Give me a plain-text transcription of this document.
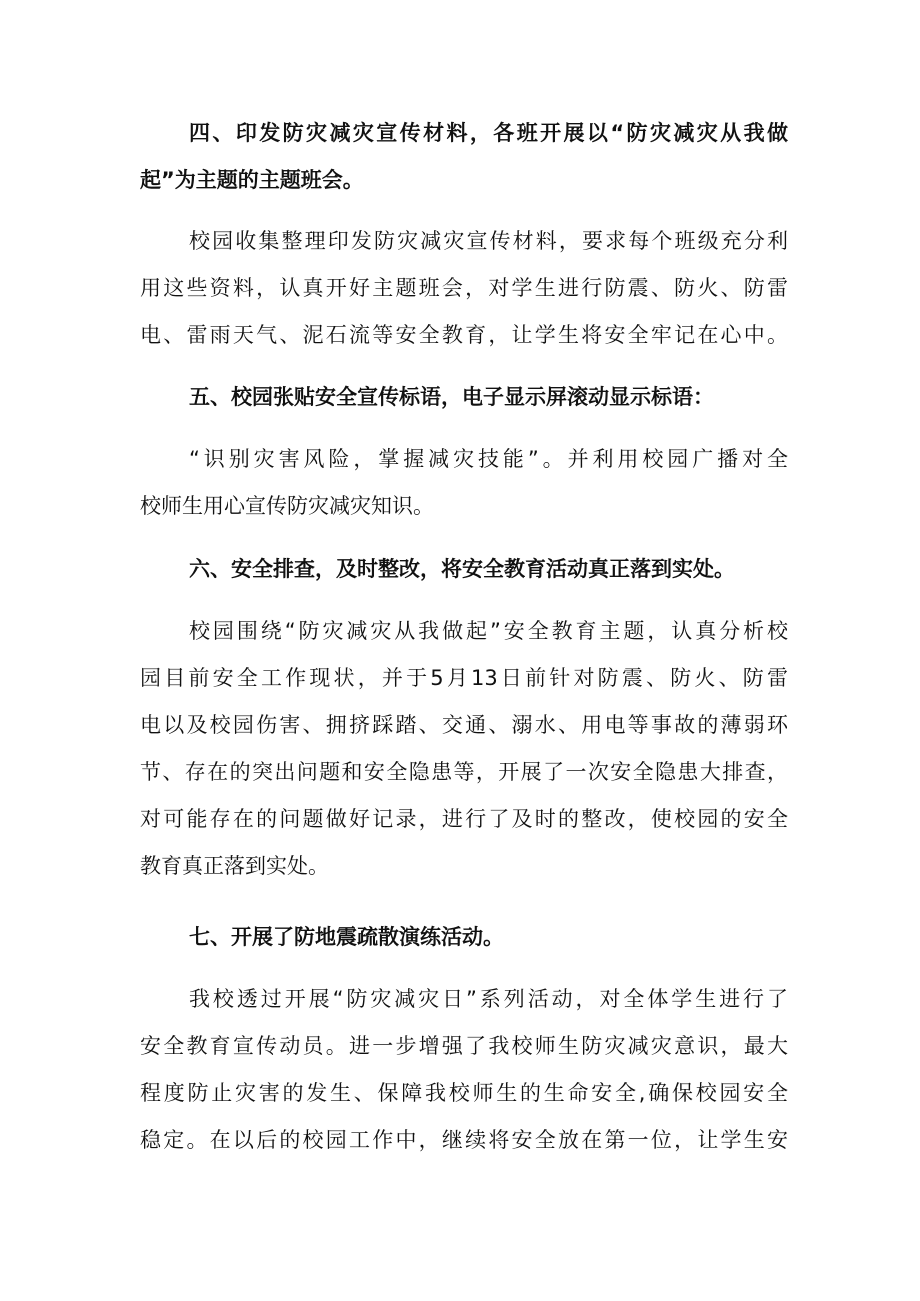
四、印发防灾减灾宣传材料，各班开展以“防灾减灾从我做
起”为主题的主题班会。
校园收集整理印发防灾减灾宣传材料，要求每个班级充分利
用这些资料，认真开好主题班会，对学生进行防震、防火、防雷
电、雷雨天气、泥石流等安全教育，让学生将安全牢记在心中。
五、校园张贴安全宣传标语，电子显示屏滚动显示标语：
“识别灾害风险，掌握减灾技能”。并利用校园广播对全
校师生用心宣传防灾减灾知识。
六、安全排查，及时整改，将安全教育活动真正落到实处。
校园围绕“防灾减灾从我做起”安全教育主题，认真分析校
园目前安全工作现状，并于5月13日前针对防震、防火、防雷
电以及校园伤害、拥挤踩踏、交通、溺水、用电等事故的薄弱环
节、存在的突出问题和安全隐患等，开展了一次安全隐患大排查，
对可能存在的问题做好记录，进行了及时的整改，使校园的安全
教育真正落到实处。
七、开展了防地震疏散演练活动。
我校透过开展“防灾减灾日”系列活动，对全体学生进行了
安全教育宣传动员。进一步增强了我校师生防灾减灾意识，最大
程度防止灾害的发生、保障我校师生的生命安全,确保校园安全
稳定。在以后的校园工作中，继续将安全放在第一位，让学生安
